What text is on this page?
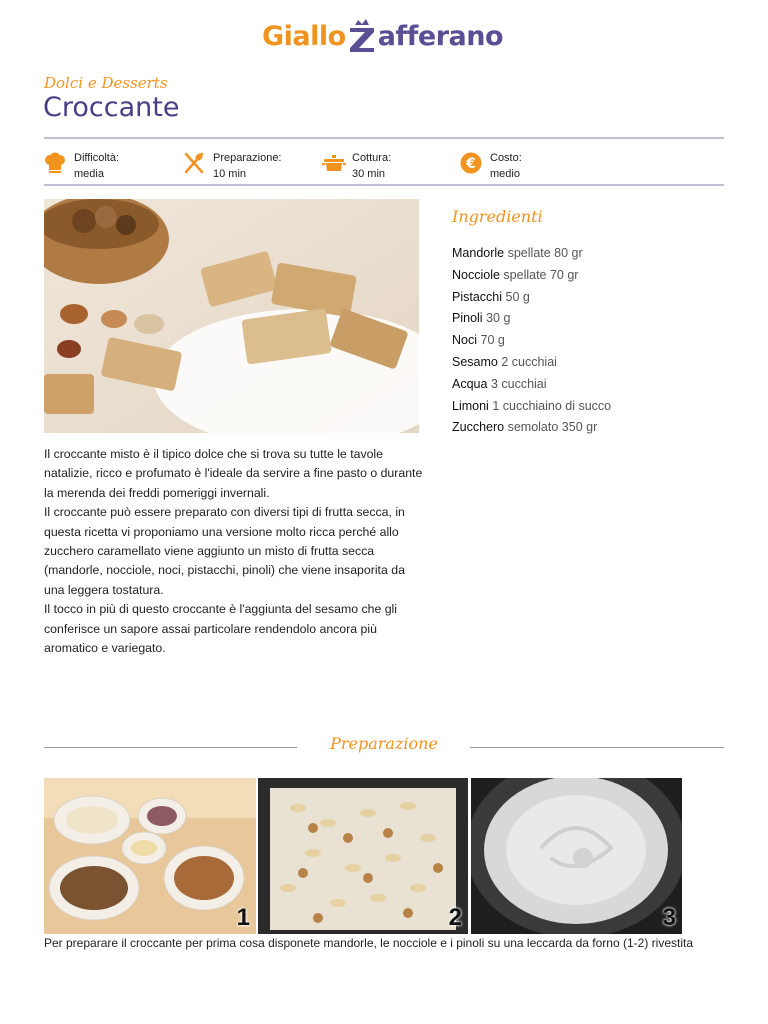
Giallo afferano
Dolci e Desserts
Croccante
Difficoltà:
media
Preparazione:
10 min
Cottura:
30 min
€ Costo:
medio
Ingredienti
Mandorle spellate 80 gr
Nocciole spellate 70 gr
Pistacchi 50 g
Pinoli 30 g
Noci 70 g
Sesamo 2 cucchiai
Acqua 3 cucchiai
Limoni 1 cucchiaino di succo
Zucchero semolato 350 gr

Il croccante misto è il tipico dolce che si trova su tutte le tavole natalizie, ricco e profumato è l'ideale da servire a fine pasto o durante la merenda dei freddi pomeriggi invernali.

Il croccante può essere preparato con diversi tipi di frutta secca, in questa ricetta vi proponiamo una versione molto ricca perché allo zucchero caramellato viene aggiunto un misto di frutta secca (mandorle, nocciole, noci, pistacchi, pinoli) che viene insaporita da una leggera tostatura.

Il tocco in più di questo croccante è l'aggiunta del sesamo che gli conferisce un sapore assai particolare rendendolo ancora più aromatico e variegato.

Preparazione
1	2	3
Per preparare il croccante per prima cosa disponete mandorle, le nocciole e i pinoli su una leccarda da forno (1-2) rivestita
